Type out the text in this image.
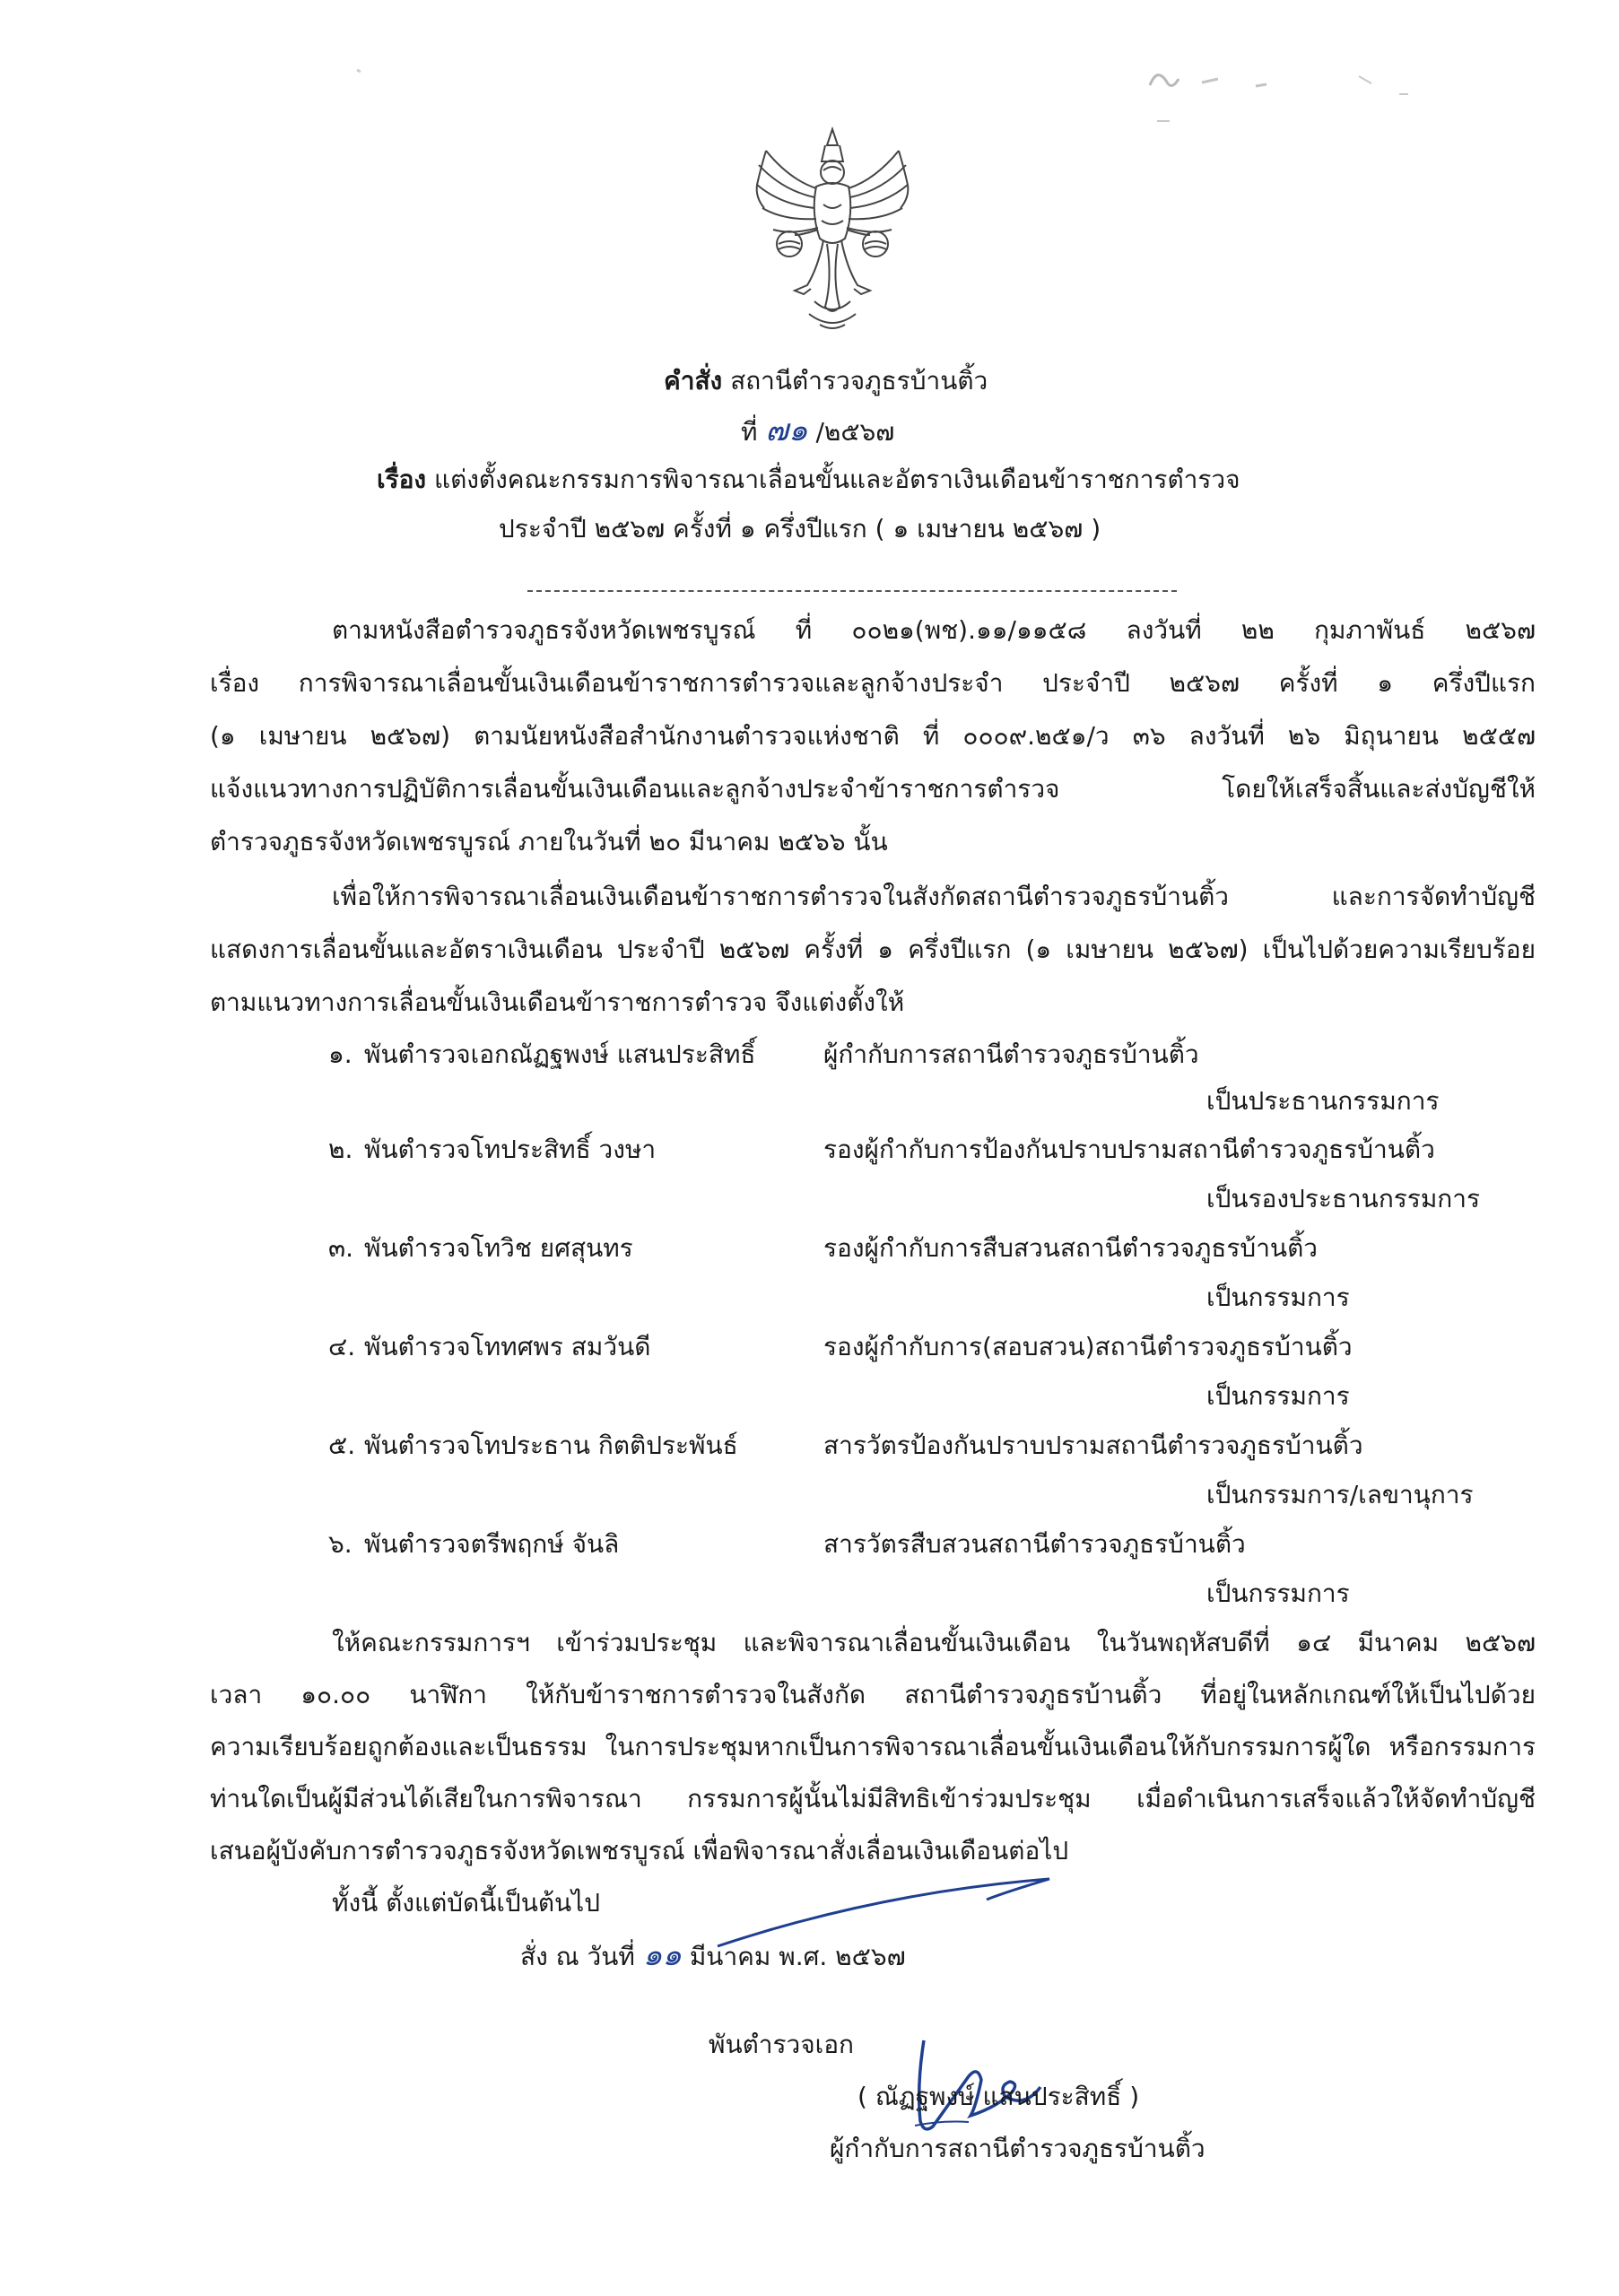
คำสั่ง สถานีตำรวจภูธรบ้านติ้ว
ที่ ๗๑ /๒๕๖๗
เรื่อง แต่งตั้งคณะกรรมการพิจารณาเลื่อนขั้นและอัตราเงินเดือนข้าราชการตำรวจ
ประจำปี ๒๕๖๗ ครั้งที่ ๑ ครึ่งปีแรก ( ๑ เมษายน ๒๕๖๗ )
ตามหนังสือตำรวจภูธรจังหวัดเพชรบูรณ์ ที่ ๐๐๒๑(พช).๑๑/๑๑๕๘ ลงวันที่ ๒๒ กุมภาพันธ์ ๒๕๖๗
เรื่อง การพิจารณาเลื่อนขั้นเงินเดือนข้าราชการตำรวจและลูกจ้างประจำ ประจำปี ๒๕๖๗ ครั้งที่ ๑ ครึ่งปีแรก
(๑ เมษายน ๒๕๖๗) ตามนัยหนังสือสำนักงานตำรวจแห่งชาติ ที่ ๐๐๐๙.๒๕๑/ว ๓๖ ลงวันที่ ๒๖ มิถุนายน ๒๕๕๗
แจ้งแนวทางการปฏิบัติการเลื่อนขั้นเงินเดือนและลูกจ้างประจำข้าราชการตำรวจ โดยให้เสร็จสิ้นและส่งบัญชีให้
ตำรวจภูธรจังหวัดเพชรบูรณ์ ภายในวันที่ ๒๐ มีนาคม ๒๕๖๖ นั้น
เพื่อให้การพิจารณาเลื่อนเงินเดือนข้าราชการตำรวจในสังกัดสถานีตำรวจภูธรบ้านติ้ว และการจัดทำบัญชี
แสดงการเลื่อนขั้นและอัตราเงินเดือน ประจำปี ๒๕๖๗ ครั้งที่ ๑ ครึ่งปีแรก (๑ เมษายน ๒๕๖๗) เป็นไปด้วยความเรียบร้อย
ตามแนวทางการเลื่อนขั้นเงินเดือนข้าราชการตำรวจ จึงแต่งตั้งให้
๑. พันตำรวจเอกณัฏฐพงษ์ แสนประสิทธิ์	ผู้กำกับการสถานีตำรวจภูธรบ้านติ้ว
เป็นประธานกรรมการ
๒. พันตำรวจโทประสิทธิ์ วงษา	รองผู้กำกับการป้องกันปราบปรามสถานีตำรวจภูธรบ้านติ้ว
เป็นรองประธานกรรมการ
๓. พันตำรวจโทวิช ยศสุนทร	รองผู้กำกับการสืบสวนสถานีตำรวจภูธรบ้านติ้ว
เป็นกรรมการ
๔. พันตำรวจโททศพร สมวันดี	รองผู้กำกับการ(สอบสวน)สถานีตำรวจภูธรบ้านติ้ว
เป็นกรรมการ
๕. พันตำรวจโทประธาน กิตติประพันธ์	สารวัตรป้องกันปราบปรามสถานีตำรวจภูธรบ้านติ้ว
เป็นกรรมการ/เลขานุการ
๖. พันตำรวจตรีพฤกษ์ จันลิ	สารวัตรสืบสวนสถานีตำรวจภูธรบ้านติ้ว
เป็นกรรมการ
ให้คณะกรรมการฯ เข้าร่วมประชุม และพิจารณาเลื่อนขั้นเงินเดือน ในวันพฤหัสบดีที่ ๑๔ มีนาคม ๒๕๖๗
เวลา ๑๐.๐๐ นาฬิกา ให้กับข้าราชการตำรวจในสังกัด สถานีตำรวจภูธรบ้านติ้ว ที่อยู่ในหลักเกณฑ์ให้เป็นไปด้วย
ความเรียบร้อยถูกต้องและเป็นธรรม ในการประชุมหากเป็นการพิจารณาเลื่อนขั้นเงินเดือนให้กับกรรมการผู้ใด หรือกรรมการ
ท่านใดเป็นผู้มีส่วนได้เสียในการพิจารณา กรรมการผู้นั้นไม่มีสิทธิเข้าร่วมประชุม เมื่อดำเนินการเสร็จแล้วให้จัดทำบัญชี
เสนอผู้บังคับการตำรวจภูธรจังหวัดเพชรบูรณ์ เพื่อพิจารณาสั่งเลื่อนเงินเดือนต่อไป
ทั้งนี้ ตั้งแต่บัดนี้เป็นต้นไป
สั่ง ณ วันที่ ๑๑ มีนาคม พ.ศ. ๒๕๖๗
พันตำรวจเอก
( ณัฏฐพงษ์ แสนประสิทธิ์ )
ผู้กำกับการสถานีตำรวจภูธรบ้านติ้ว
